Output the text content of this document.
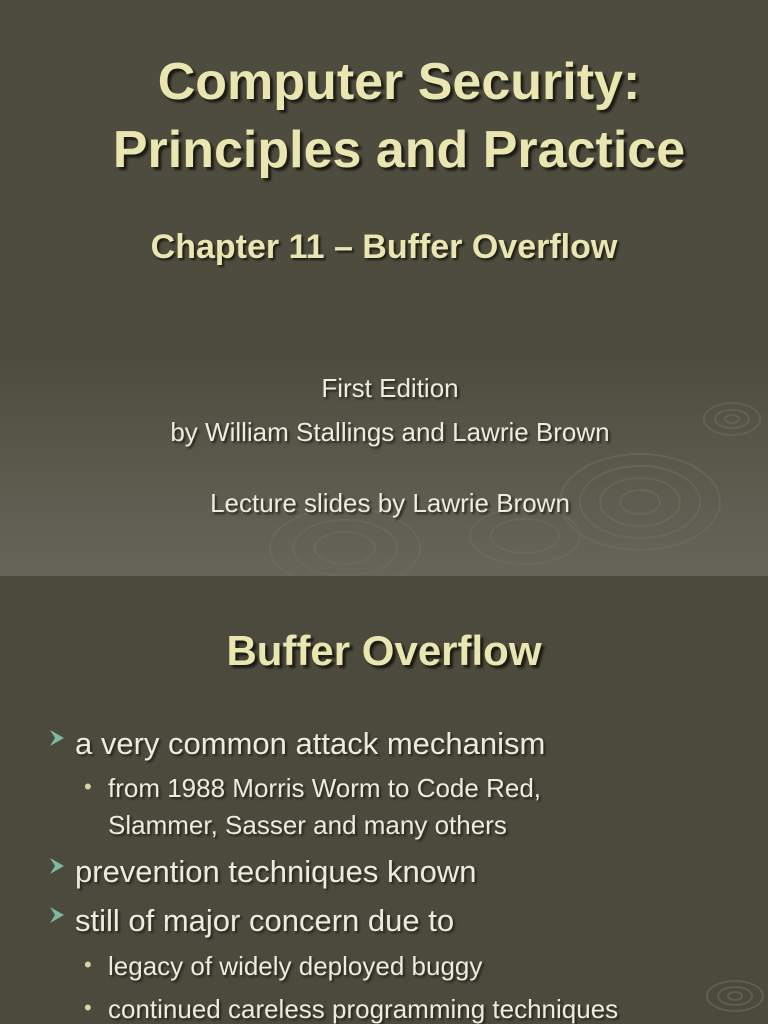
Computer Security:
Principles and Practice
Chapter 11 – Buffer Overflow
First Edition
by William Stallings and Lawrie Brown
Lecture slides by Lawrie Brown
Buffer Overflow
a very common attack mechanism
• from 1988 Morris Worm to Code Red,
Slammer, Sasser and many others
prevention techniques known
still of major concern due to
• legacy of widely deployed buggy
• continued careless programming techniques
